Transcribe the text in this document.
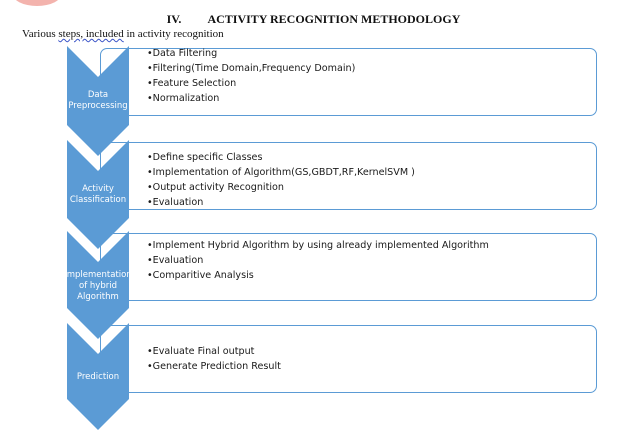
IV. ACTIVITY RECOGNITION METHODOLOGY
Various steps, included in activity recognition
•Data Filtering
•Filtering(Time Domain,Frequency Domain)
•Feature Selection
•Normalization
•Define specific Classes
•Implementation of Algorithm(GS,GBDT,RF,KernelSVM )
•Output activity Recognition
•Evaluation
•Implement Hybrid Algorithm by using already implemented Algorithm
•Evaluation
•Comparitive Analysis
•Evaluate Final output
•Generate Prediction Result
Data
Preprocessing
Activity
Classification
Implementation
of hybrid
Algorithm
Prediction
